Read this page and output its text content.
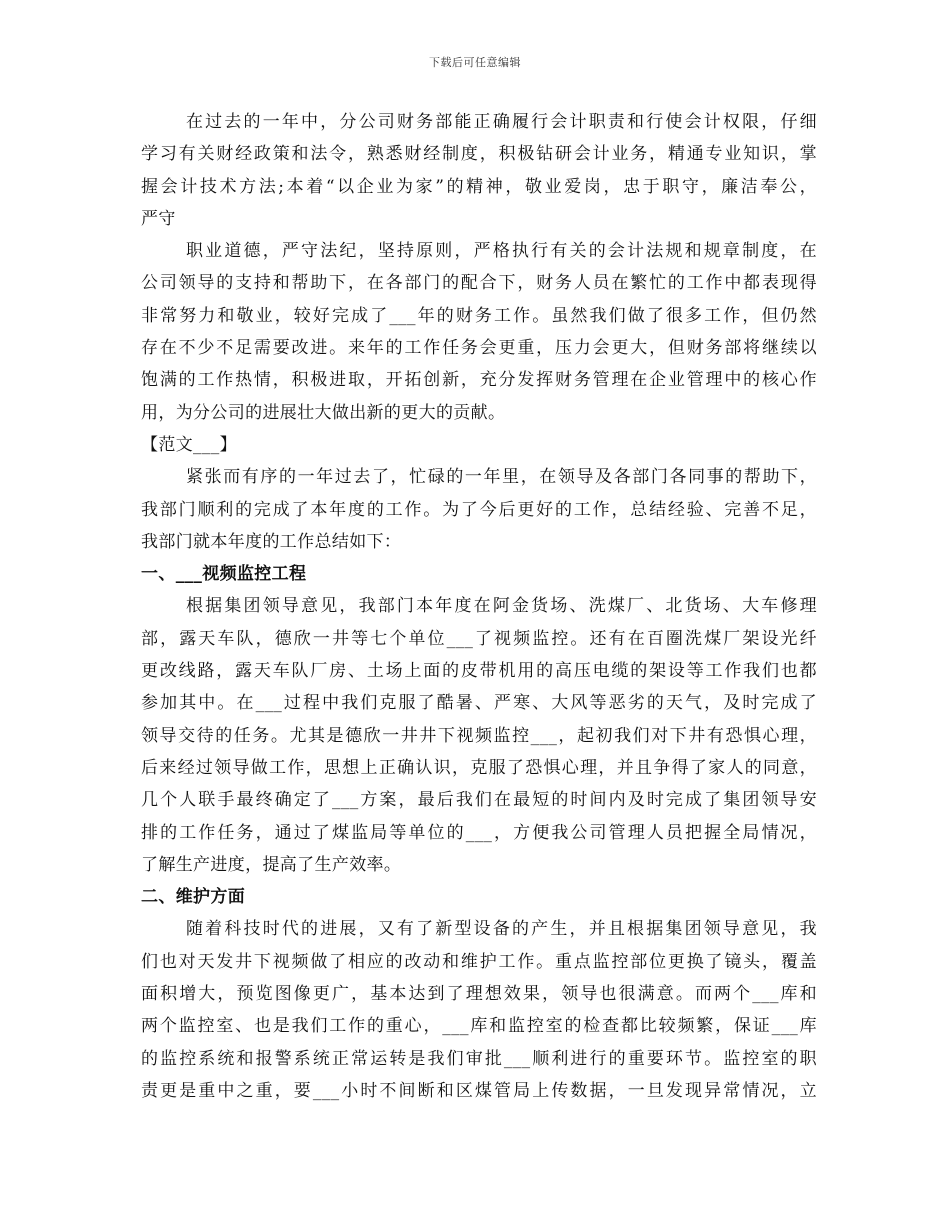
下载后可任意编辑

在过去的一年中，分公司财务部能正确履行会计职责和行使会计权限，仔细
学习有关财经政策和法令，熟悉财经制度，积极钻研会计业务，精通专业知识，掌
握会计技术方法;本着“以企业为家”的精神，敬业爱岗，忠于职守，廉洁奉公，
严守

职业道德，严守法纪，坚持原则，严格执行有关的会计法规和规章制度，在
公司领导的支持和帮助下，在各部门的配合下，财务人员在繁忙的工作中都表现得
非常努力和敬业，较好完成了___年的财务工作。虽然我们做了很多工作，但仍然
存在不少不足需要改进。来年的工作任务会更重，压力会更大，但财务部将继续以
饱满的工作热情，积极进取，开拓创新，充分发挥财务管理在企业管理中的核心作
用，为分公司的进展壮大做出新的更大的贡献。

【范文___】

紧张而有序的一年过去了，忙碌的一年里，在领导及各部门各同事的帮助下，
我部门顺利的完成了本年度的工作。为了今后更好的工作，总结经验、完善不足，
我部门就本年度的工作总结如下：

一、___视频监控工程

根据集团领导意见，我部门本年度在阿金货场、洗煤厂、北货场、大车修理
部，露天车队，德欣一井等七个单位___了视频监控。还有在百圈洗煤厂架设光纤
更改线路，露天车队厂房、土场上面的皮带机用的高压电缆的架设等工作我们也都
参加其中。在___过程中我们克服了酷暑、严寒、大风等恶劣的天气，及时完成了
领导交待的任务。尤其是德欣一井井下视频监控___，起初我们对下井有恐惧心理，
后来经过领导做工作，思想上正确认识，克服了恐惧心理，并且争得了家人的同意，
几个人联手最终确定了___方案，最后我们在最短的时间内及时完成了集团领导安
排的工作任务，通过了煤监局等单位的___，方便我公司管理人员把握全局情况，
了解生产进度，提高了生产效率。

二、维护方面

随着科技时代的进展，又有了新型设备的产生，并且根据集团领导意见，我
们也对天发井下视频做了相应的改动和维护工作。重点监控部位更换了镜头，覆盖
面积增大，预览图像更广，基本达到了理想效果，领导也很满意。而两个___库和
两个监控室、也是我们工作的重心，___库和监控室的检查都比较频繁，保证___库
的监控系统和报警系统正常运转是我们审批___顺利进行的重要环节。监控室的职
责更是重中之重，要___小时不间断和区煤管局上传数据，一旦发现异常情况，立
